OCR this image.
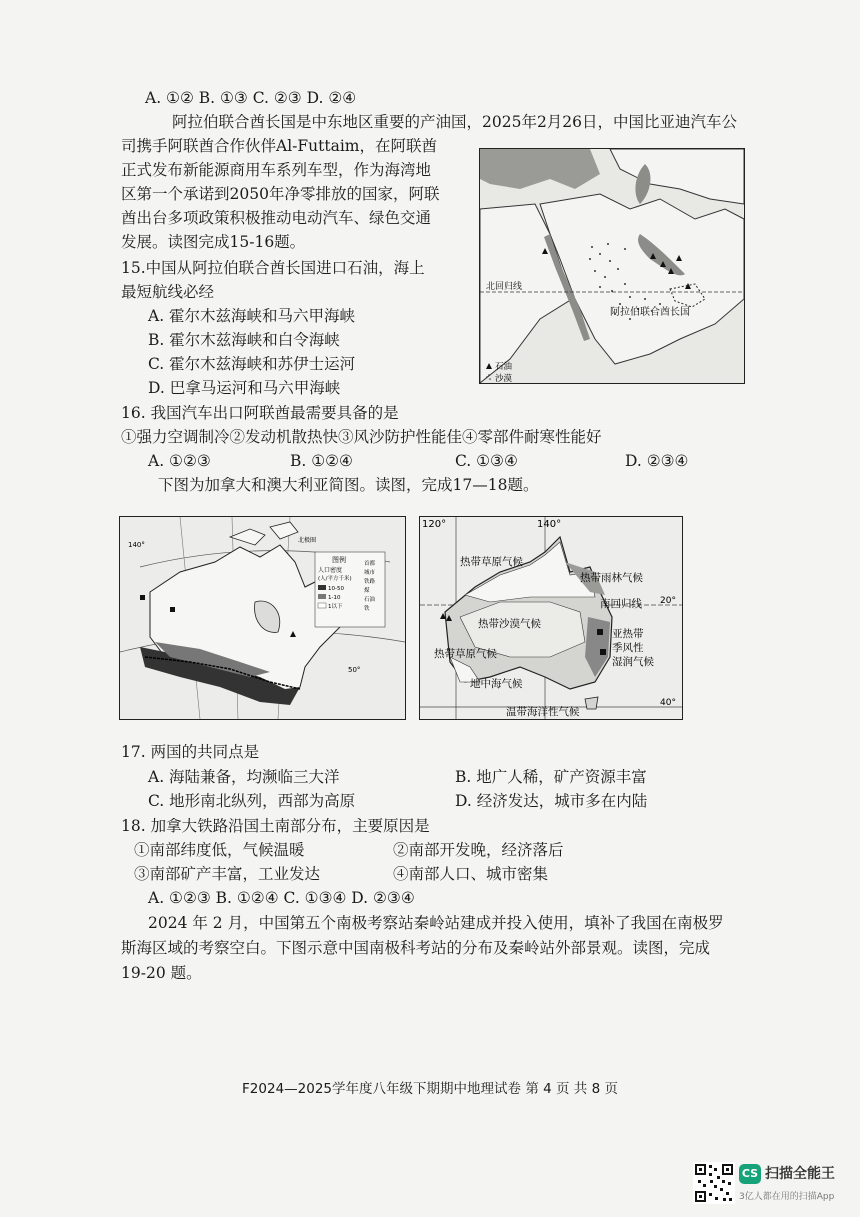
A. ①② B. ①③ C. ②③ D. ②④
阿拉伯联合酋长国是中东地区重要的产油国，2025年2月26日，中国比亚迪汽车公
司携手阿联酋合作伙伴Al-Futtaim，在阿联酋
正式发布新能源商用车系列车型，作为海湾地
区第一个承诺到2050年净零排放的国家，阿联
酋出台多项政策积极推动电动汽车、绿色交通
发展。读图完成15-16题。
15.中国从阿拉伯联合酋长国进口石油，海上
最短航线必经
A. 霍尔木兹海峡和马六甲海峡
B. 霍尔木兹海峡和白令海峡
C. 霍尔木兹海峡和苏伊士运河
D. 巴拿马运河和马六甲海峡
16. 我国汽车出口阿联酋最需要具备的是
①强力空调制冷②发动机散热快③风沙防护性能佳④零部件耐寒性能好
A. ①②③	B. ①②④	C. ①③④	D. ②③④
下图为加拿大和澳大利亚简图。读图，完成17—18题。
17. 两国的共同点是
A. 海陆兼备，均濒临三大洋	B. 地广人稀，矿产资源丰富
C. 地形南北纵列，西部为高原	D. 经济发达，城市多在内陆
18. 加拿大铁路沿国土南部分布，主要原因是
①南部纬度低，气候温暖	②南部开发晚，经济落后
③南部矿产丰富，工业发达	④南部人口、城市密集
A. ①②③ B. ①②④ C. ①③④ D. ②③④
2024 年 2 月，中国第五个南极考察站秦岭站建成并投入使用，填补了我国在南极罗
斯海区域的考察空白。下图示意中国南极科考站的分布及秦岭站外部景观。读图，完成
19-20 题。
北回归线
阿拉伯联合酋长国
石油
沙漠
图例
人口密度
(人/平方千米)
10-50
1-10
1以下
首都
城市
铁路
煤
石油
铁
140°
50°
北极圈
120°	140°
20°
40°
热带草原气候
热带雨林气候
南回归线
热带沙漠气候
亚热带
季风性
湿润气候
热带草原气候
地中海气候
温带海洋性气候
F2024—2025学年度八年级下期期中地理试卷 第 4 页 共 8 页
CS 扫描全能王
3亿人都在用的扫描App
